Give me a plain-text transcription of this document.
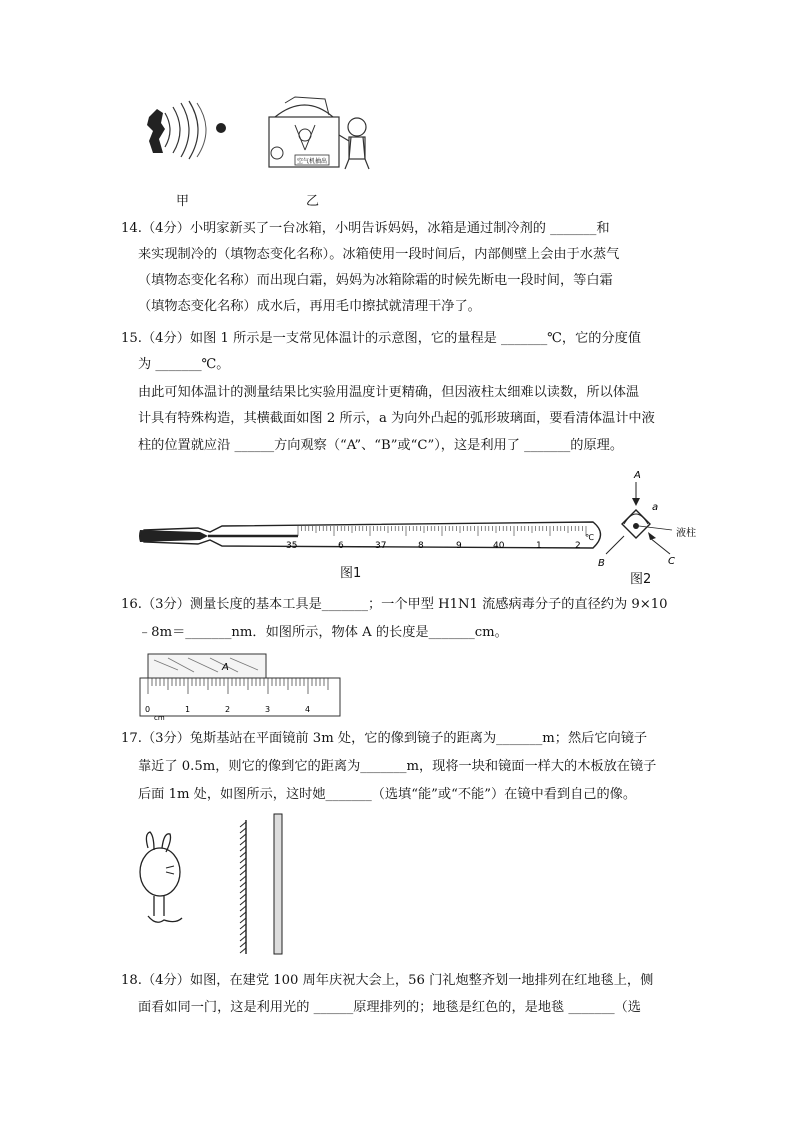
空气机抽出
甲	乙
14.（4分）小明家新买了一台冰箱，小明告诉妈妈，冰箱是通过制冷剂的 _______和
来实现制冷的（填物态变化名称）。冰箱使用一段时间后，内部侧壁上会由于水蒸气
（填物态变化名称）而出现白霜，妈妈为冰箱除霜的时候先断电一段时间，等白霜
（填物态变化名称）成水后，再用毛巾擦拭就清理干净了。
15.（4分）如图 1 所示是一支常见体温计的示意图，它的量程是 _______℃，它的分度值
为 _______℃。
由此可知体温计的测量结果比实验用温度计更精确，但因液柱太细难以读数，所以体温
计具有特殊构造，其横截面如图 2 所示，a 为向外凸起的弧形玻璃面，要看清体温计中液
柱的位置就应沿 ______方向观察（“A”、“B”或“C”），这是利用了 _______的原理。
35	6	37	8	9	40	1	2
℃
图1
A
a
液柱
B	C
图2
16.（3分）测量长度的基本工具是_______；一个甲型 H1N1 流感病毒分子的直径约为 9×10
﹣8m＝_______nm．如图所示，物体 A 的长度是_______cm。
A
0	1	2	3	4
cm
17.（3分）兔斯基站在平面镜前 3m 处，它的像到镜子的距离为_______m；然后它向镜子
靠近了 0.5m，则它的像到它的距离为_______m，现将一块和镜面一样大的木板放在镜子
后面 1m 处，如图所示，这时她_______（选填“能”或“不能”）在镜中看到自己的像。
18.（4分）如图，在建党 100 周年庆祝大会上，56 门礼炮整齐划一地排列在红地毯上，侧
面看如同一门，这是利用光的 ______原理排列的；地毯是红色的，是地毯 _______（选
